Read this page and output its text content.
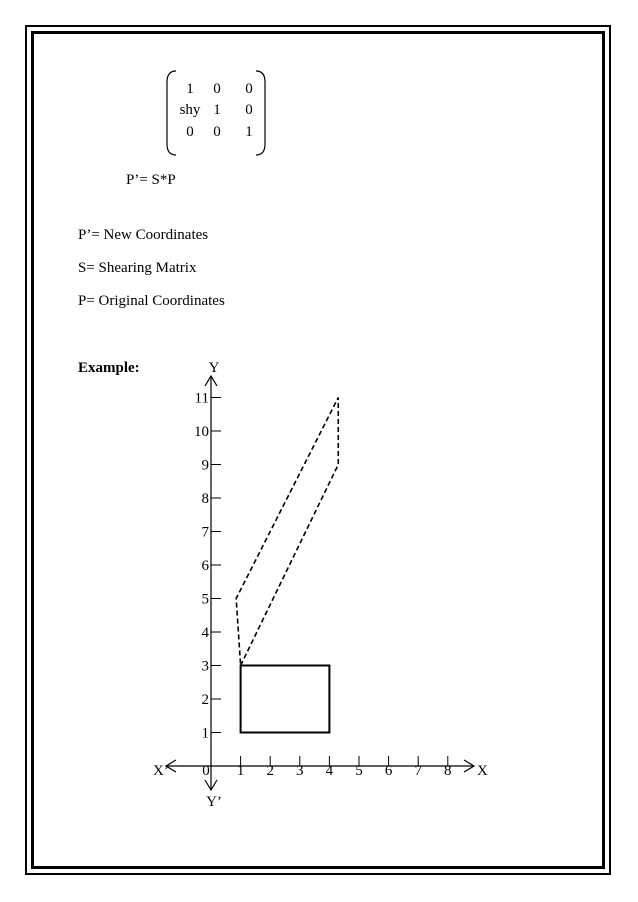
1	0	0
shy 1	0
0	0	1
P’= S*P
P’= New Coordinates
S= Shearing Matrix
P= Original Coordinates
Example:
1 2 3 4 5 6 7 8
1
2
3
4
5
6
7
8
9
10
11
0	X
X’
Y
Y’
